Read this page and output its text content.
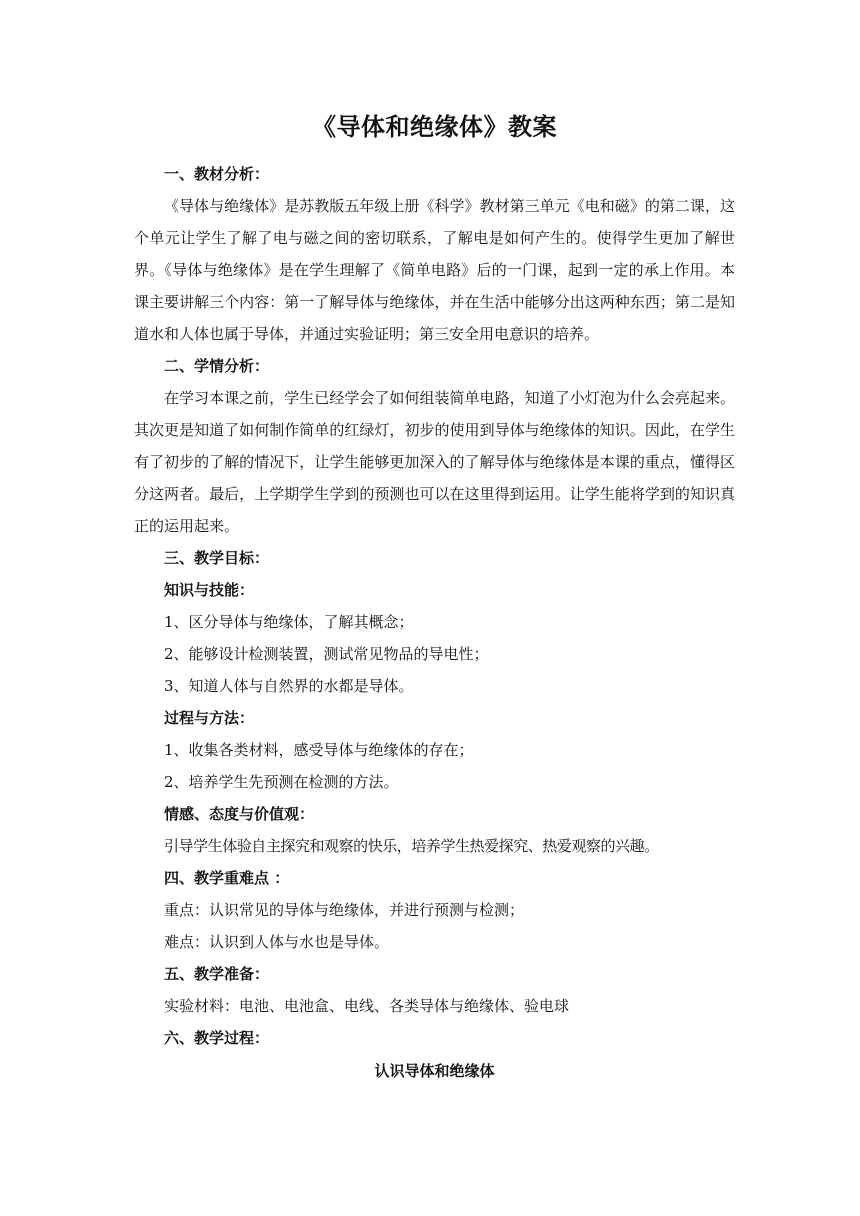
《导体和绝缘体》教案
一、教材分析：

《导体与绝缘体》是苏教版五年级上册《科学》教材第三单元《电和磁》的第二课，这个单元让学生了解了电与磁之间的密切联系，了解电是如何产生的。使得学生更加了解世界。《导体与绝缘体》是在学生理解了《简单电路》后的一门课，起到一定的承上作用。本课主要讲解三个内容：第一了解导体与绝缘体，并在生活中能够分出这两种东西；第二是知道水和人体也属于导体，并通过实验证明；第三安全用电意识的培养。

二、学情分析：

在学习本课之前，学生已经学会了如何组装简单电路，知道了小灯泡为什么会亮起来。其次更是知道了如何制作简单的红绿灯，初步的使用到导体与绝缘体的知识。因此，在学生有了初步的了解的情况下，让学生能够更加深入的了解导体与绝缘体是本课的重点，懂得区分这两者。最后，上学期学生学到的预测也可以在这里得到运用。让学生能将学到的知识真正的运用起来。

三、教学目标：
知识与技能：

1、区分导体与绝缘体，了解其概念；

2、能够设计检测装置，测试常见物品的导电性；

3、知道人体与自然界的水都是导体。

过程与方法：

1、收集各类材料，感受导体与绝缘体的存在；

2、培养学生先预测在检测的方法。

情感、态度与价值观：

引导学生体验自主探究和观察的快乐，培养学生热爱探究、热爱观察的兴趣。

四、教学重难点 ：

重点：认识常见的导体与绝缘体，并进行预测与检测；

难点：认识到人体与水也是导体。

五、教学准备：

实验材料：电池、电池盒、电线、各类导体与绝缘体、验电球

六、教学过程：
认识导体和绝缘体
